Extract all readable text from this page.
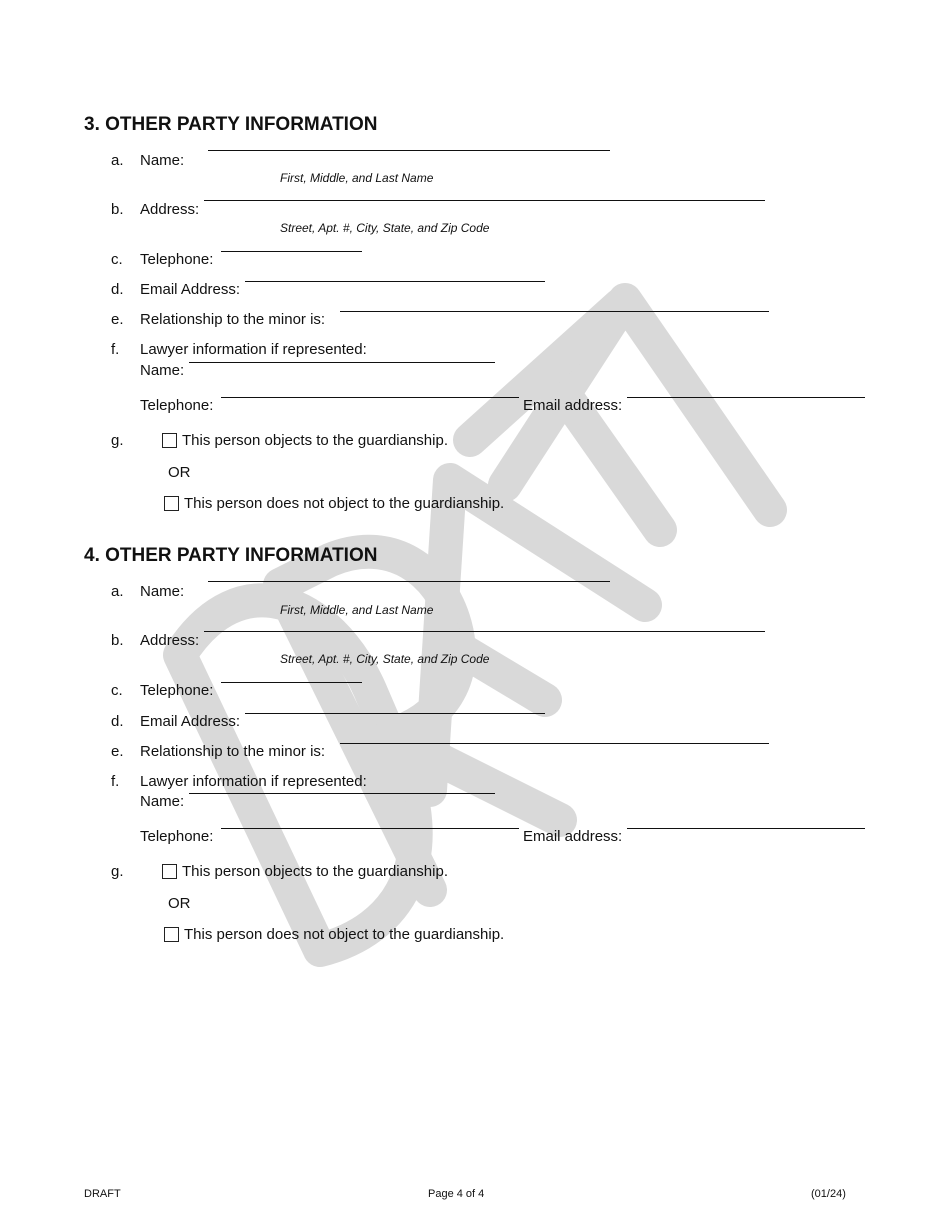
3. OTHER PARTY INFORMATION
a. Name:
First, Middle, and Last Name
b. Address:
Street, Apt. #, City, State, and Zip Code
c. Telephone:
d. Email Address:
e. Relationship to the minor is:
f. Lawyer information if represented:
Name:
Telephone:	Email address:
g.	This person objects to the guardianship.
OR
This person does not object to the guardianship.
4. OTHER PARTY INFORMATION
a. Name:
First, Middle, and Last Name
b. Address:
Street, Apt. #, City, State, and Zip Code
c. Telephone:
d. Email Address:
e. Relationship to the minor is:
f. Lawyer information if represented:
Name:
Telephone:	Email address:
g.	This person objects to the guardianship.
OR
This person does not object to the guardianship.
DRAFT	Page 4 of 4	(01/24)
